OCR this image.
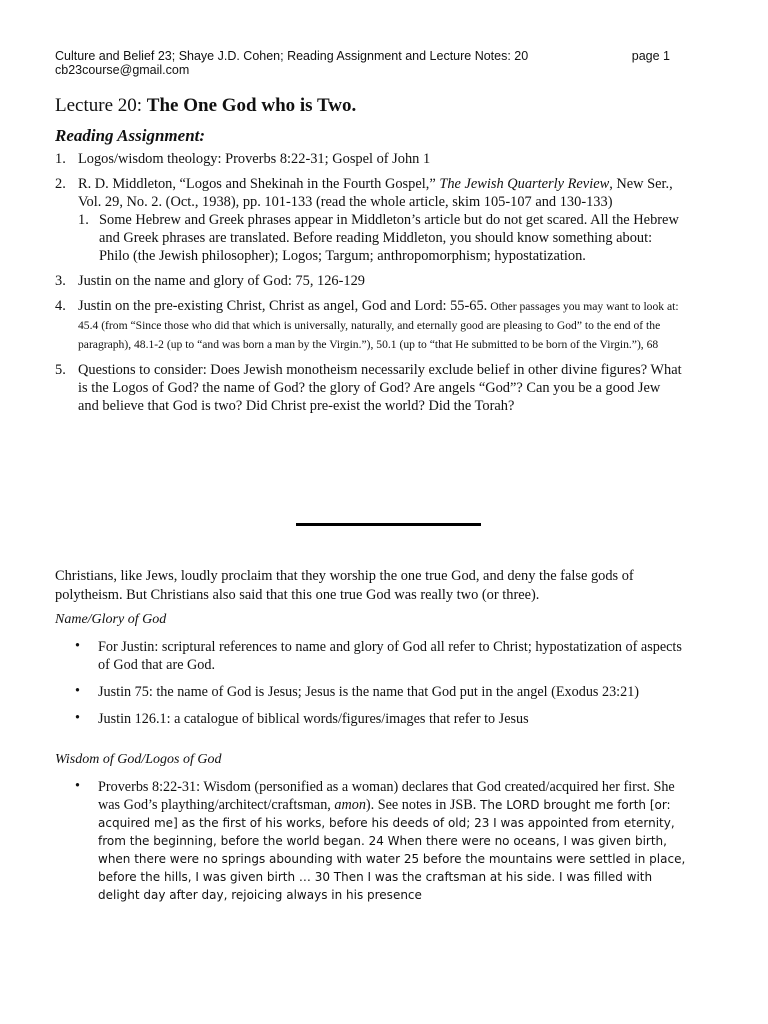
Culture and Belief 23; Shaye J.D. Cohen; Reading Assignment and Lecture Notes: 20	page 1
cb23course@gmail.com
Lecture 20: The One God who is Two.
Reading Assignment:
1. Logos/wisdom theology: Proverbs 8:22-31; Gospel of John 1
2. R. D. Middleton, “Logos and Shekinah in the Fourth Gospel,” The Jewish Quarterly Review, New Ser., Vol. 29, No. 2. (Oct., 1938), pp. 101-133 (read the whole article, skim 105-107 and 130-133)
1. Some Hebrew and Greek phrases appear in Middleton’s article but do not get scared. All the Hebrew and Greek phrases are translated. Before reading Middleton, you should know something about: Philo (the Jewish philosopher); Logos; Targum; anthropomorphism; hypostatization.
3. Justin on the name and glory of God: 75, 126-129
4. Justin on the pre-existing Christ, Christ as angel, God and Lord: 55-65. Other passages you may want to look at: 45.4 (from “Since those who did that which is universally, naturally, and eternally good are pleasing to God” to the end of the paragraph), 48.1-2 (up to “and was born a man by the Virgin.”), 50.1 (up to “that He submitted to be born of the Virgin.”), 68
5. Questions to consider: Does Jewish monotheism necessarily exclude belief in other divine figures? What is the Logos of God? the name of God? the glory of God? Are angels “God”? Can you be a good Jew and believe that God is two? Did Christ pre-exist the world? Did the Torah?
Christians, like Jews, loudly proclaim that they worship the one true God, and deny the false gods of polytheism. But Christians also said that this one true God was really two (or three).
Name/Glory of God
• For Justin: scriptural references to name and glory of God all refer to Christ; hypostatization of aspects of God that are God.
• Justin 75: the name of God is Jesus; Jesus is the name that God put in the angel (Exodus 23:21)
• Justin 126.1: a catalogue of biblical words/figures/images that refer to Jesus
Wisdom of God/Logos of God
• Proverbs 8:22-31: Wisdom (personified as a woman) declares that God created/acquired her first. She was God’s plaything/architect/craftsman, amon). See notes in JSB. The LORD brought me forth [or: acquired me] as the first of his works, before his deeds of old; 23 I was appointed from eternity, from the beginning, before the world began. 24 When there were no oceans, I was given birth, when there were no springs abounding with water 25 before the mountains were settled in place, before the hills, I was given birth … 30 Then I was the craftsman at his side. I was filled with delight day after day, rejoicing always in his presence
